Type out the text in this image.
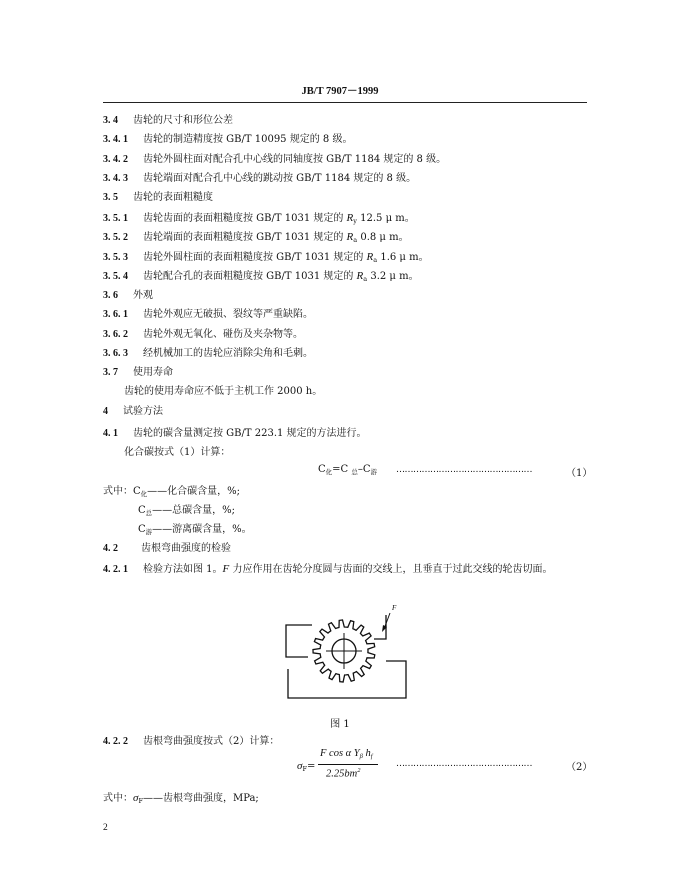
JB/T 7907－1999
3. 4 齿轮的尺寸和形位公差
3. 4. 1 齿轮的制造精度按 GB/T 10095 规定的 8 级。
3. 4. 2 齿轮外圆柱面对配合孔中心线的同轴度按 GB/T 1184 规定的 8 级。
3. 4. 3 齿轮端面对配合孔中心线的跳动按 GB/T 1184 规定的 8 级。
3. 5 齿轮的表面粗糙度
3. 5. 1 齿轮齿面的表面粗糙度按 GB/T 1031 规定的 $R_y$ 12.5 μ m。
3. 5. 2 齿轮端面的表面粗糙度按 GB/T 1031 规定的 $R_a$ 0.8 μ m。
3. 5. 3 齿轮外圆柱面的表面粗糙度按 GB/T 1031 规定的 $R_a$ 1.6 μ m。
3. 5. 4 齿轮配合孔的表面粗糙度按 GB/T 1031 规定的 $R_a$ 3.2 μ m。
3. 6 外观
3. 6. 1 齿轮外观应无破损、裂纹等严重缺陷。
3. 6. 2 齿轮外观无氧化、碰伤及夹杂物等。
3. 6. 3 经机械加工的齿轮应消除尖角和毛刺。
3. 7 使用寿命
齿轮的使用寿命应不低于主机工作 2000 h。
4 试验方法
4. 1 齿轮的碳含量测定按 GB/T 223.1 规定的方法进行。
化合碳按式（1）计算：
$C_化=C$ $_总-C_游$ …………………………………………	（1）
式中：$C_化——$化合碳含量，%;
$C_总——$总碳含量，%;
$C_游——$游离碳含量，%。
4. 2 齿根弯曲强度的检验
4. 2. 1 检验方法如图 1。F 力应作用在齿轮分度圆与齿面的交线上，且垂直于过此交线的轮齿切面。
F
图 1
4. 2. 2 齿根弯曲强度按式（2）计算：
$\sigma_F=$
F cos α $Y_\beta$ $h_f$
$2.25bm^2$
…………………………………………	（2）
式中：$\sigma_F——$齿根弯曲强度，MPa;
2
